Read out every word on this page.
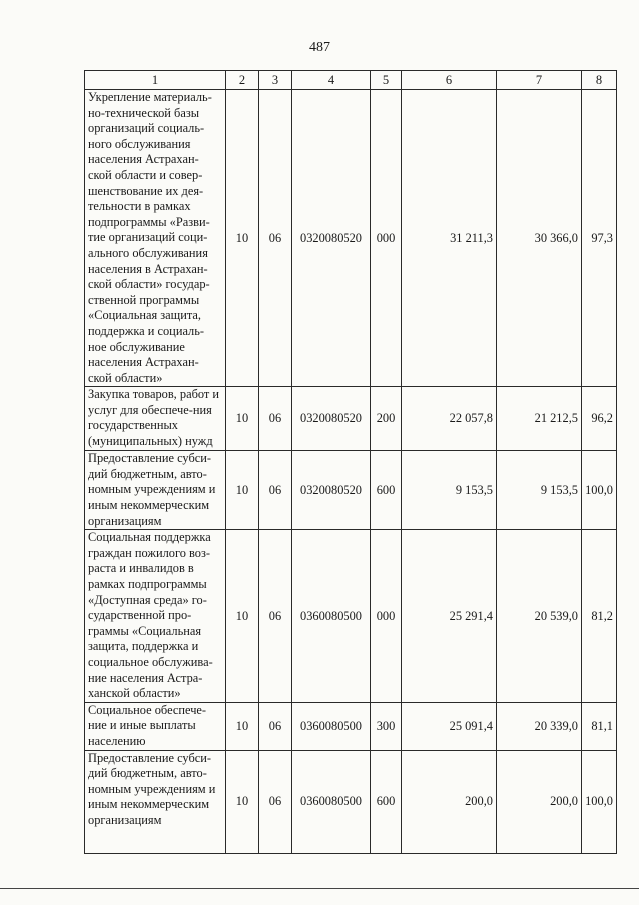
487
1	2	3	4	5	6	7	8
Укрепление материаль-но-технической базы организаций социаль-ного обслуживания населения Астрахан-ской области и совер-шенствование их дея-тельности в рамках подпрограммы «Разви-тие организаций соци-ального обслуживания населения в Астрахан-ской области» государ-ственной программы «Социальная защита, поддержка и социаль-ное обслуживание населения Астрахан-ской области»	10	06	0320080520	000	31 211,3	30 366,0	97,3
Закупка товаров, работ и услуг для обеспече-ния государственных (муниципальных) нужд	10	06	0320080520	200	22 057,8	21 212,5	96,2
Предоставление субси-дий бюджетным, авто-номным учреждениям и иным некоммерческим организациям	10	06	0320080520	600	9 153,5	9 153,5	100,0
Социальная поддержка граждан пожилого воз-раста и инвалидов в рамках подпрограммы «Доступная среда» го-сударственной про-граммы «Социальная защита, поддержка и социальное обслужива-ние населения Астра-ханской области»	10	06	0360080500	000	25 291,4	20 539,0	81,2
Социальное обеспече-ние и иные выплаты населению	10	06	0360080500	300	25 091,4	20 339,0	81,1
Предоставление субси-дий бюджетным, авто-номным учреждениям и иным некоммерческим организациям	10	06	0360080500	600	200,0	200,0	100,0
